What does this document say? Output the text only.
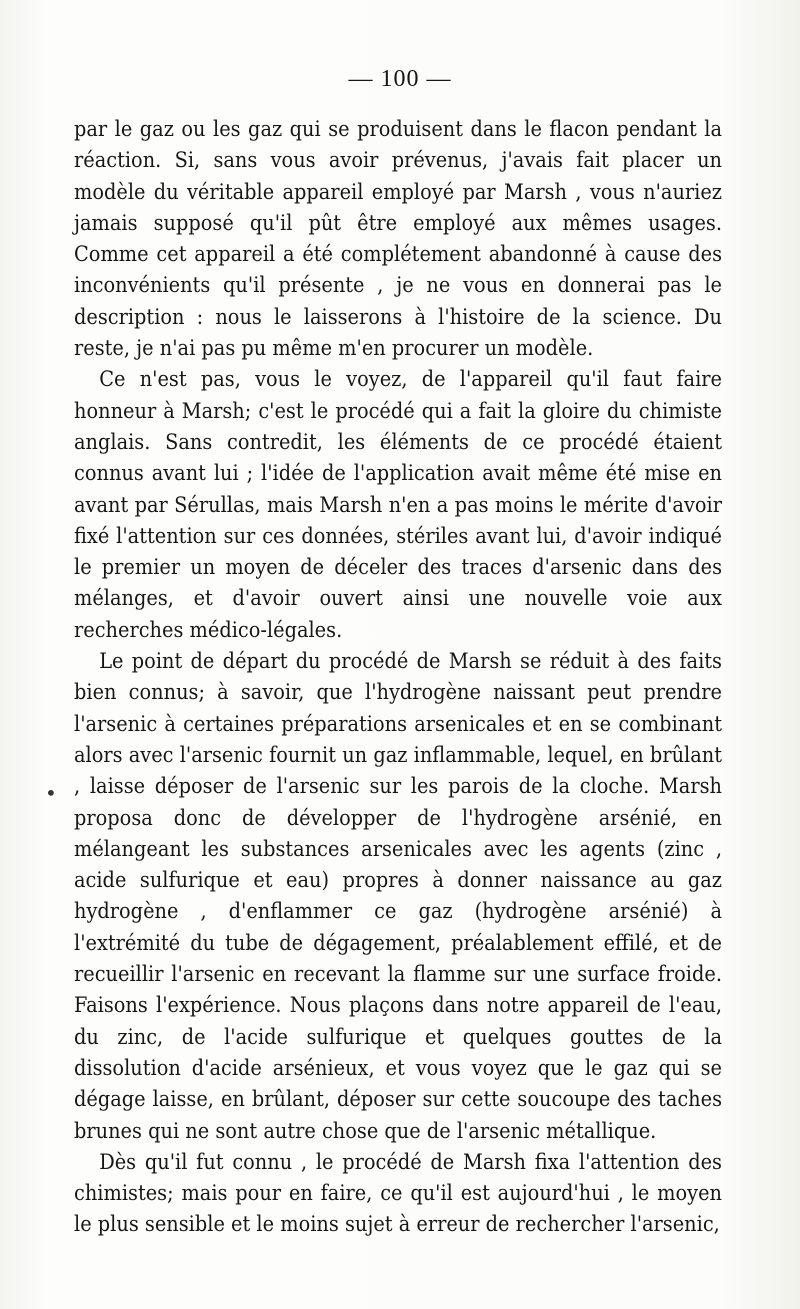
— 100 —

par le gaz ou les gaz qui se produisent dans le flacon pendant la réaction. Si, sans vous avoir prévenus, j'avais fait placer un modèle du véritable appareil employé par Marsh , vous n'auriez jamais supposé qu'il pût être employé aux mêmes usages. Comme cet appareil a été complétement abandonné à cause des inconvénients qu'il présente , je ne vous en donnerai pas le description : nous le laisserons à l'histoire de la science. Du reste, je n'ai pas pu même m'en procurer un modèle.

Ce n'est pas, vous le voyez, de l'appareil qu'il faut faire honneur à Marsh; c'est le procédé qui a fait la gloire du chimiste anglais. Sans contredit, les éléments de ce procédé étaient connus avant lui ; l'idée de l'application avait même été mise en avant par Sérullas, mais Marsh n'en a pas moins le mérite d'avoir fixé l'attention sur ces données, stériles avant lui, d'avoir indiqué le premier un moyen de déceler des traces d'arsenic dans des mélanges, et d'avoir ouvert ainsi une nouvelle voie aux recherches médico-légales.

Le point de départ du procédé de Marsh se réduit à des faits bien connus; à savoir, que l'hydrogène naissant peut prendre l'arsenic à certaines préparations arsenicales et en se combinant alors avec l'arsenic fournit un gaz inflammable, lequel, en brûlant , laisse déposer de l'arsenic sur les parois de la cloche. Marsh proposa donc de développer de l'hydrogène arsénié, en mélangeant les substances arsenicales avec les agents (zinc , acide sulfurique et eau) propres à donner naissance au gaz hydrogène , d'enflammer ce gaz (hydrogène arsénié) à l'extrémité du tube de dégagement, préalablement effilé, et de recueillir l'arsenic en recevant la flamme sur une surface froide. Faisons l'expérience. Nous plaçons dans notre appareil de l'eau, du zinc, de l'acide sulfurique et quelques gouttes de la dissolution d'acide arsénieux, et vous voyez que le gaz qui se dégage laisse, en brûlant, déposer sur cette soucoupe des taches brunes qui ne sont autre chose que de l'arsenic métallique.

Dès qu'il fut connu , le procédé de Marsh fixa l'attention des chimistes; mais pour en faire, ce qu'il est aujourd'hui , le moyen le plus sensible et le moins sujet à erreur de rechercher l'arsenic,

•
